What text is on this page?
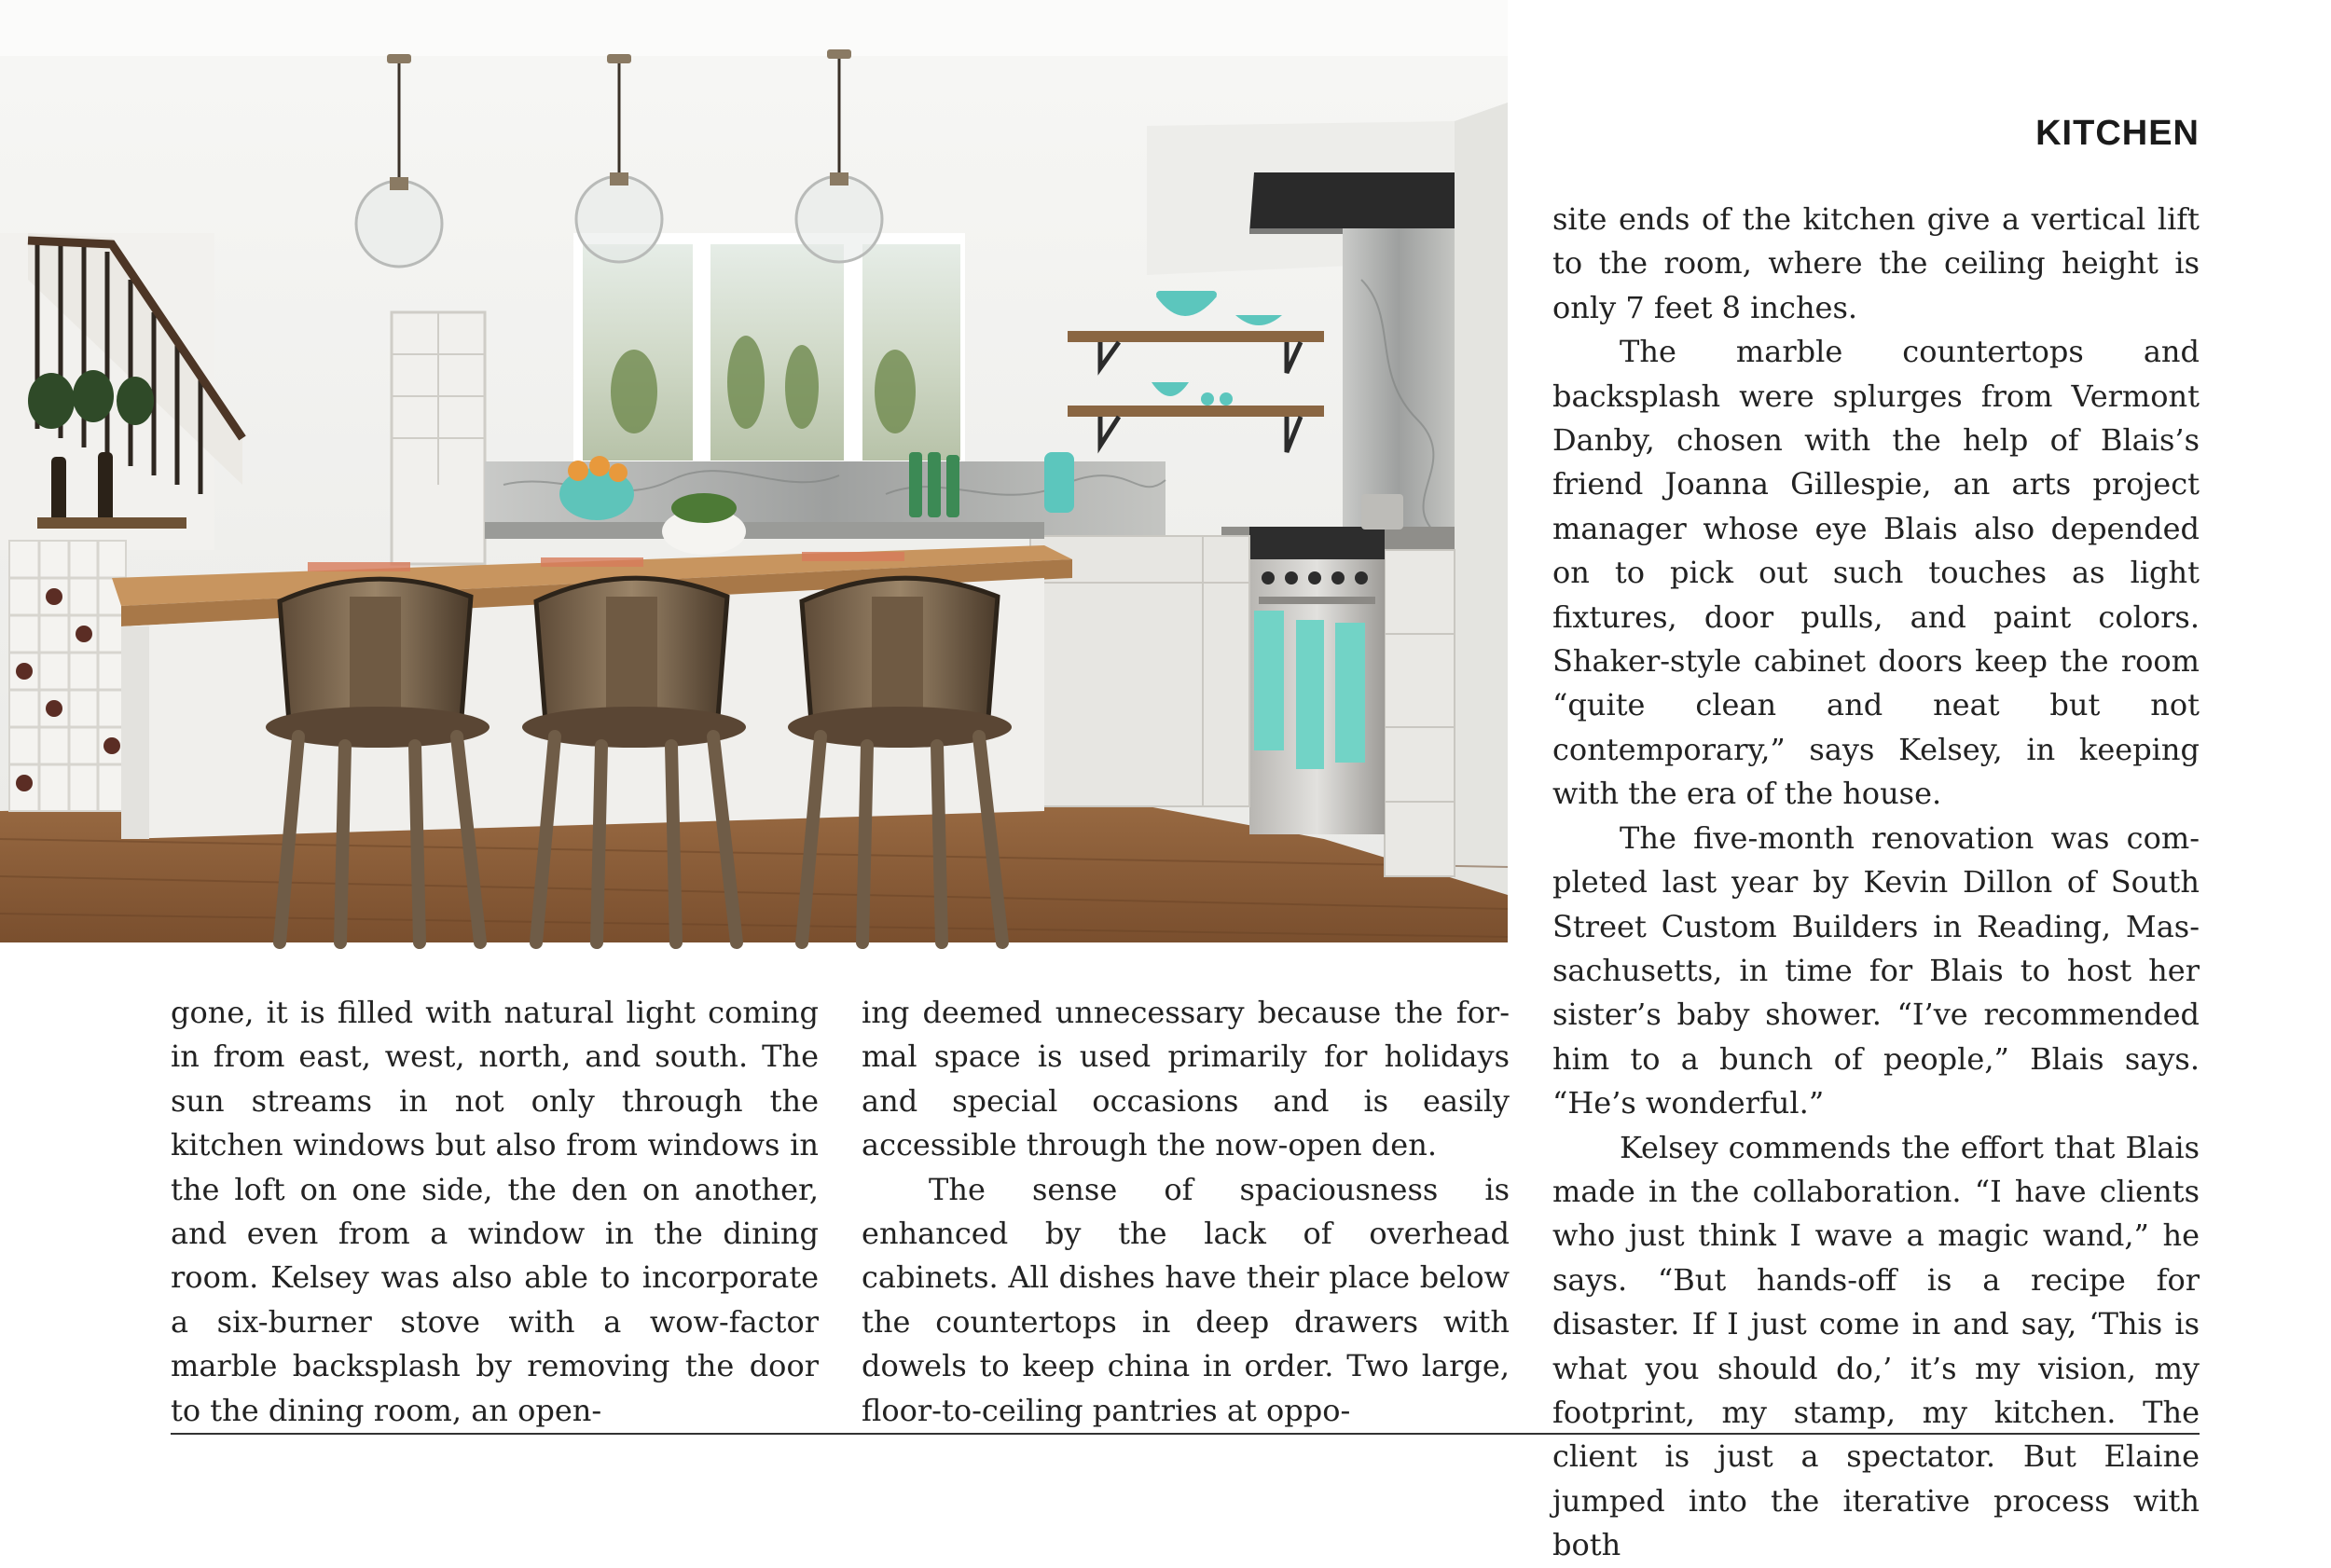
KITCHEN

gone, it is filled with natural light coming in from east, west, north, and south. The sun streams in not only through the kitchen windows but also from windows in the loft on one side, the den on another, and even from a window in the dining room. Kelsey was also able to incorporate a six-burner stove with a wow-factor marble backsplash by removing the door to the dining room, an open-

ing deemed unnecessary because the formal space is used primarily for holidays and special occasions and is easily accessible through the now-open den.

The sense of spaciousness is enhanced by the lack of overhead cabinets. All dishes have their place below the countertops in deep drawers with dowels to keep china in order. Two large, floor-to-ceiling pantries at oppo-

site ends of the kitchen give a vertical lift to the room, where the ceiling height is only 7 feet 8 inches.

The marble countertops and backsplash were splurges from Vermont Danby, chosen with the help of Blais’s friend Joanna Gillespie, an arts project manager whose eye Blais also depended on to pick out such touches as light fixtures, door pulls, and paint colors. Shaker-style cabinet doors keep the room “quite clean and neat but not contemporary,” says Kelsey, in keeping with the era of the house.

The five-month renovation was completed last year by Kevin Dillon of South Street Custom Builders in Reading, Massachusetts, in time for Blais to host her sister’s baby shower. “I’ve recommended him to a bunch of people,” Blais says. “He’s wonderful.”

Kelsey commends the effort that Blais made in the collaboration. “I have clients who just think I wave a magic wand,” he says. “But hands-off is a recipe for disaster. If I just come in and say, ‘This is what you should do,’ it’s my vision, my footprint, my stamp, my kitchen. The client is just a spectator. But Elaine jumped into the iterative process with both
